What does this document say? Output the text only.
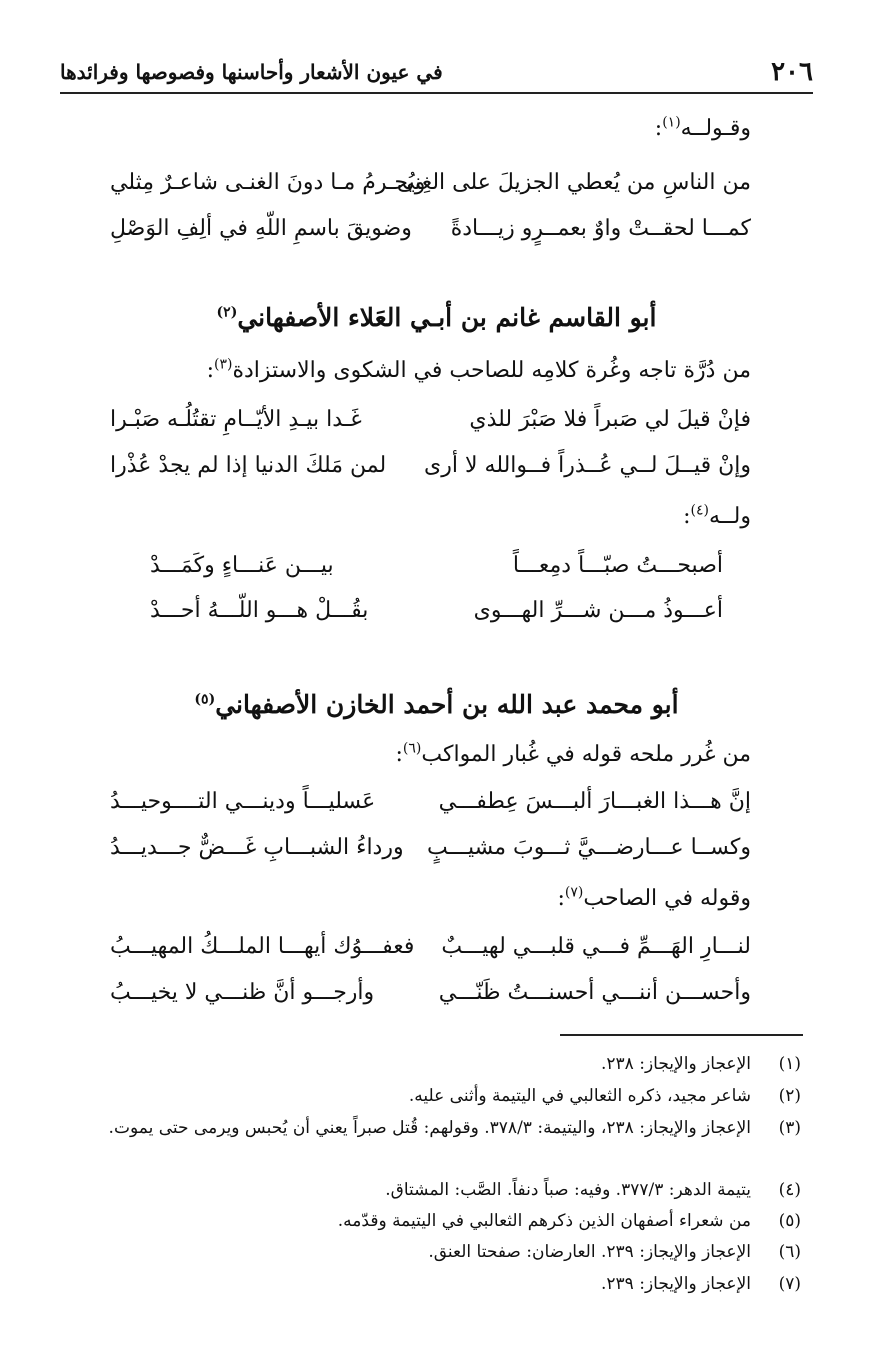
٢٠٦
في عيون الأشعار وأحاسنها وفصوصها وفرائدها
وقـولــه$^{(١)}$:
من الناسِ من يُعطي الجزيلَ على الغِنى
ويُحـرمُ مـا دونَ الغنـى شاعـرٌ مِثلي
كمـــا لحقــتْ واوٌ بعمــرٍو زيـــادةً
وضويقَ باسمِ اللّهِ في ألِفِ الوَصْلِ
أبو القاسم غانم بن أبـي العَلاء الأصفهاني$^{(٢)}$
من دُرَّة تاجه وغُرة كلامِه للصاحب في الشكوى والاستزادة$^{(٣)}$:
فإنْ قيلَ لي صَبراً فلا صَبْرَ للذي
غَـدا بيـدِ الأيّــامِ تقتُلُـه صَبْـرا
وإنْ قيــلَ لــي عُــذراً فــوالله لا أرى
لمن مَلكَ الدنيا إذا لم يجدْ عُذْرا
ولــه$^{(٤)}$:
أصبحـــتُ صبّـــاً دمِعـــاً
بيـــن عَنـــاءٍ وكَمَـــدْ
أعـــوذُ مـــن شـــرِّ الهـــوى
بقُـــلْ هـــو اللّـــهُ أحـــدْ
أبو محمد عبد الله بن أحمد الخازن الأصفهاني$^{(٥)}$
من غُرر ملحه قوله في غُبار المواكب$^{(٦)}$:
إنَّ هـــذا الغبـــارَ ألبـــسَ عِطفـــي
عَسليـــاً ودينـــي التــــوحيـــدُ
وكســا عـــارضـــيَّ ثـــوبَ مشيـــبٍ
ورداءُ الشبـــابِ غَـــضٌّ جـــديـــدُ
وقوله في الصاحب$^{(٧)}$:
لنـــارِ الهَـــمِّ فـــي قلبـــي لهيـــبٌ
فعفـــوُك أيهـــا الملـــكُ المهيـــبُ
وأحســـن أننـــي أحسنـــتُ ظَنّـــي
وأرجـــو أنَّ ظنـــي لا يخيـــبُ
(١)
الإعجاز والإيجاز: ٢٣٨.
(٢)
شاعر مجيد، ذكره الثعالبي في اليتيمة وأثنى عليه.
(٣)
الإعجاز والإيجاز: ٢٣٨، واليتيمة: ٣٧٨/٣. وقولهم: قُتل صبراً يعني أن يُحبس ويرمى حتى يموت.
(٤)
يتيمة الدهر: ٣٧٧/٣. وفيه: صباً دنفاً. الصَّب: المشتاق.
(٥)
من شعراء أصفهان الذين ذكرهم الثعالبي في اليتيمة وقدّمه.
(٦)
الإعجاز والإيجاز: ٢٣٩. العارضان: صفحتا العنق.
(٧)
الإعجاز والإيجاز: ٢٣٩.
